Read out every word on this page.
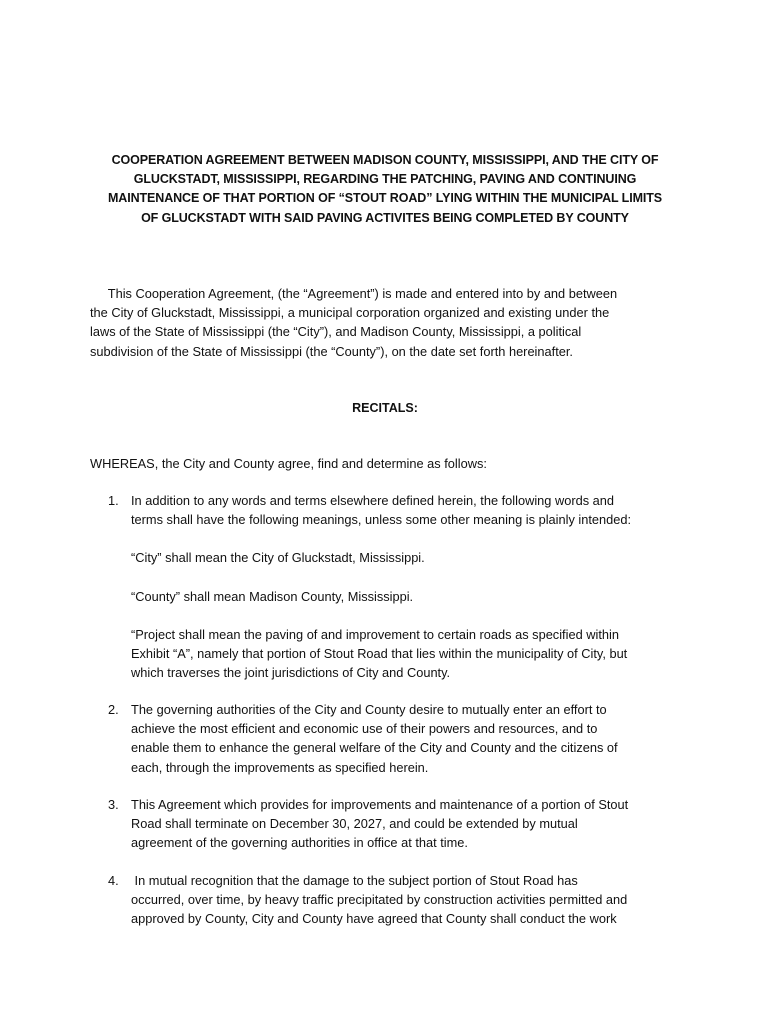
COOPERATION AGREEMENT BETWEEN MADISON COUNTY, MISSISSIPPI, AND THE CITY OF
GLUCKSTADT, MISSISSIPPI, REGARDING THE PATCHING, PAVING AND CONTINUING
MAINTENANCE OF THAT PORTION OF “STOUT ROAD” LYING WITHIN THE MUNICIPAL LIMITS
OF GLUCKSTADT WITH SAID PAVING ACTIVITES BEING COMPLETED BY COUNTY
This Cooperation Agreement, (the “Agreement”) is made and entered into by and between
the City of Gluckstadt, Mississippi, a municipal corporation organized and existing under the
laws of the State of Mississippi (the “City”), and Madison County, Mississippi, a political
subdivision of the State of Mississippi (the “County”), on the date set forth hereinafter.
RECITALS:
WHEREAS, the City and County agree, find and determine as follows:
1. In addition to any words and terms elsewhere defined herein, the following words and
terms shall have the following meanings, unless some other meaning is plainly intended:
“City” shall mean the City of Gluckstadt, Mississippi.
“County” shall mean Madison County, Mississippi.
“Project shall mean the paving of and improvement to certain roads as specified within
Exhibit “A”, namely that portion of Stout Road that lies within the municipality of City, but
which traverses the joint jurisdictions of City and County.
2. The governing authorities of the City and County desire to mutually enter an effort to
achieve the most efficient and economic use of their powers and resources, and to
enable them to enhance the general welfare of the City and County and the citizens of
each, through the improvements as specified herein.
3. This Agreement which provides for improvements and maintenance of a portion of Stout
Road shall terminate on December 30, 2027, and could be extended by mutual
agreement of the governing authorities in office at that time.
4. In mutual recognition that the damage to the subject portion of Stout Road has
occurred, over time, by heavy traffic precipitated by construction activities permitted and
approved by County, City and County have agreed that County shall conduct the work
